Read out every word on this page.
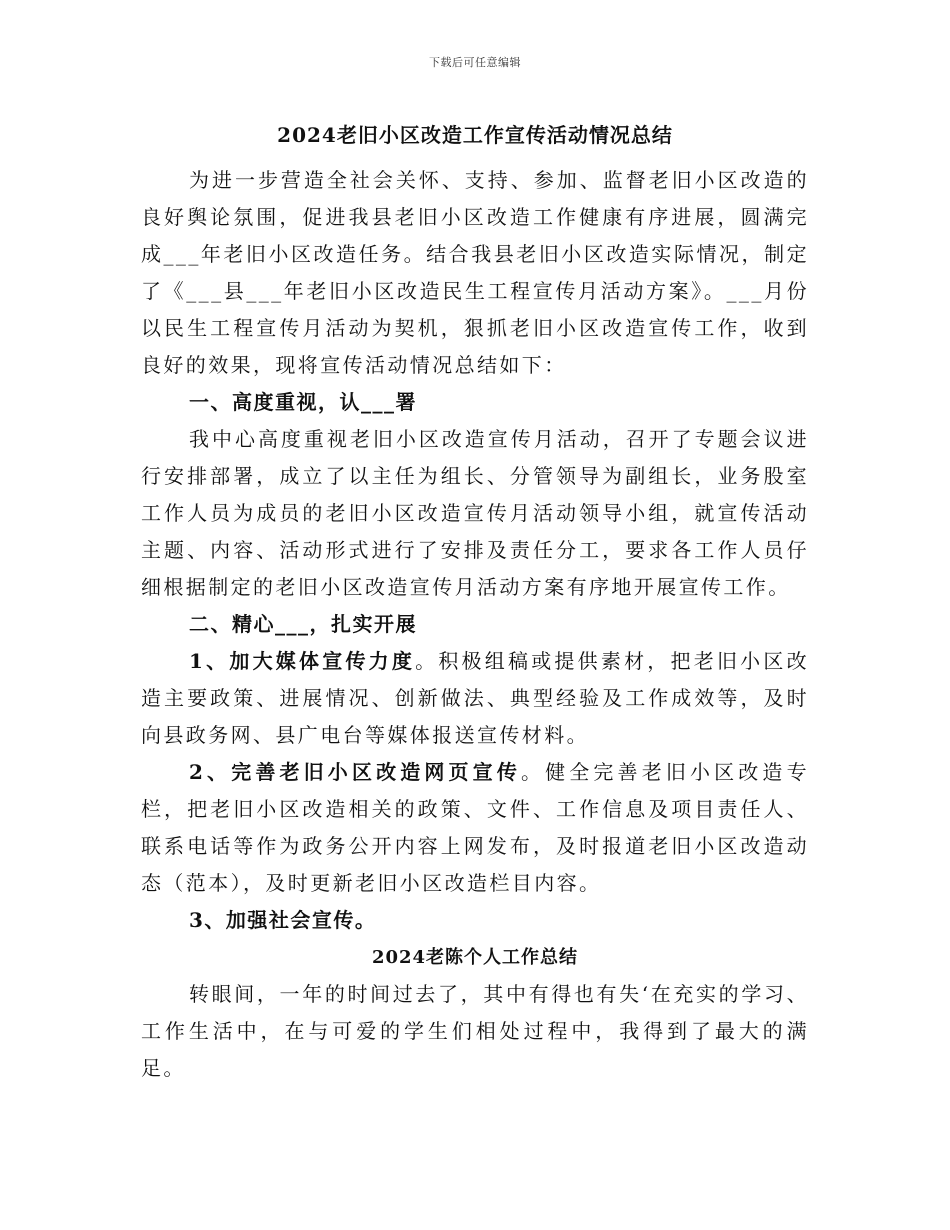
下载后可任意编辑
2024老旧小区改造工作宣传活动情况总结

为进一步营造全社会关怀、支持、参加、监督老旧小区改造的良好舆论氛围，促进我县老旧小区改造工作健康有序进展，圆满完成___年老旧小区改造任务。结合我县老旧小区改造实际情况，制定了《___县___年老旧小区改造民生工程宣传月活动方案》。___月份以民生工程宣传月活动为契机，狠抓老旧小区改造宣传工作，收到良好的效果，现将宣传活动情况总结如下：

一、高度重视，认___署

我中心高度重视老旧小区改造宣传月活动，召开了专题会议进行安排部署，成立了以主任为组长、分管领导为副组长，业务股室工作人员为成员的老旧小区改造宣传月活动领导小组，就宣传活动主题、内容、活动形式进行了安排及责任分工，要求各工作人员仔细根据制定的老旧小区改造宣传月活动方案有序地开展宣传工作。

二、精心___，扎实开展

1、加大媒体宣传力度。积极组稿或提供素材，把老旧小区改造主要政策、进展情况、创新做法、典型经验及工作成效等，及时向县政务网、县广电台等媒体报送宣传材料。

2、完善老旧小区改造网页宣传。健全完善老旧小区改造专栏，把老旧小区改造相关的政策、文件、工作信息及项目责任人、联系电话等作为政务公开内容上网发布，及时报道老旧小区改造动态（范本），及时更新老旧小区改造栏目内容。

3、加强社会宣传。
2024老陈个人工作总结

转眼间，一年的时间过去了，其中有得也有失‘在充实的学习、工作生活中，在与可爱的学生们相处过程中，我得到了最大的满足。
